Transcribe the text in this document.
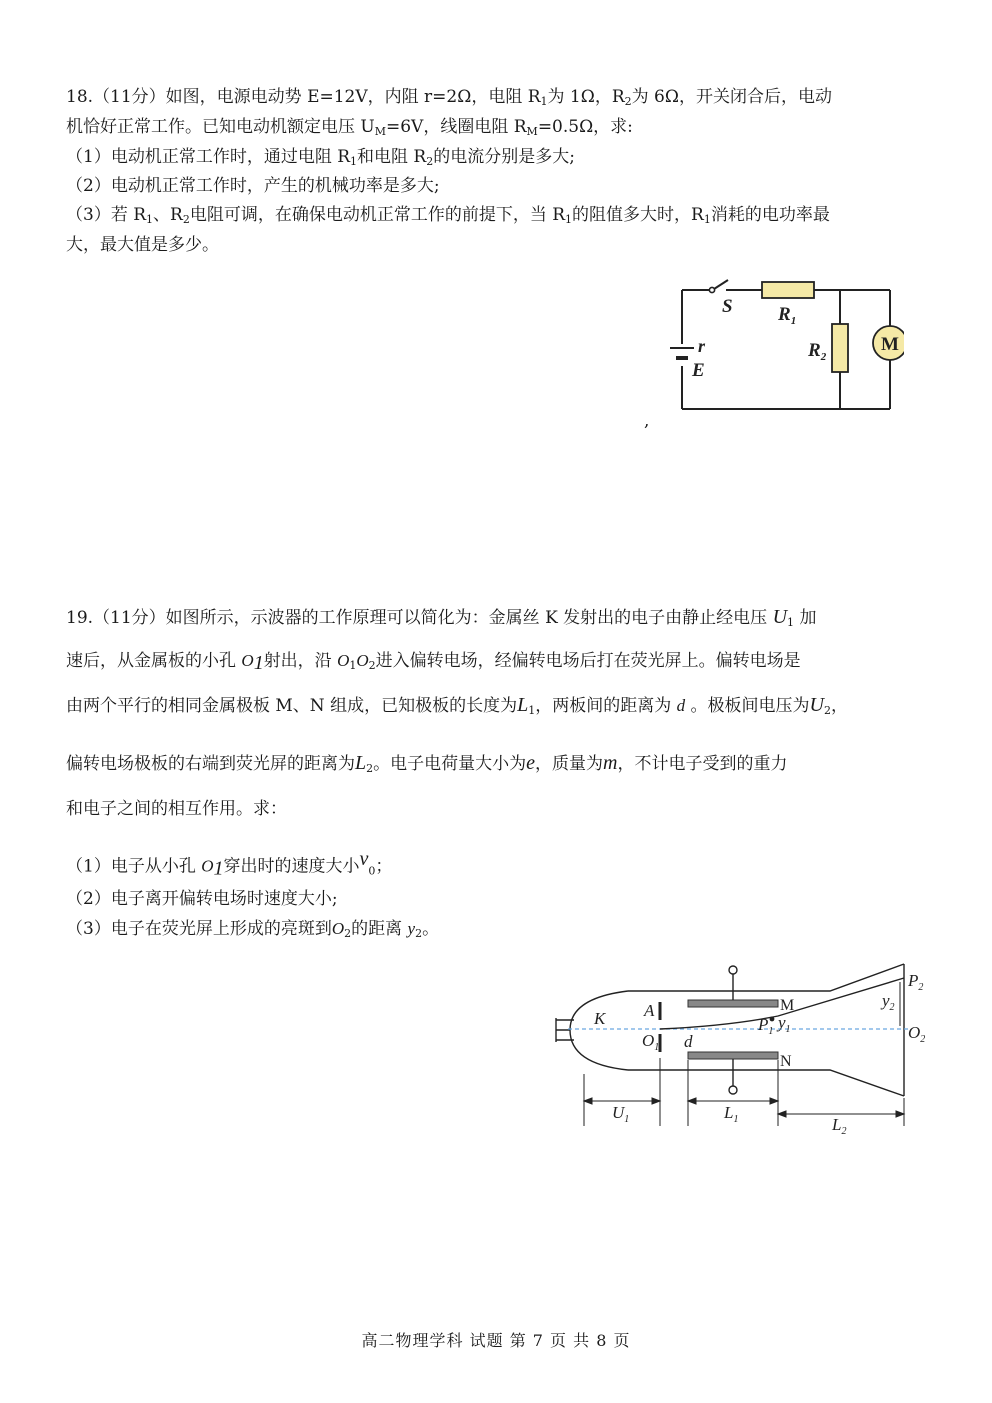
18.（11分）如图，电源电动势 E=12V，内阻 r=2Ω，电阻 $R_1$为 1Ω，$R_2$为 6Ω，开关闭合后，电动
机恰好正常工作。已知电动机额定电压 $U_M=6V$，线圈电阻 $R_M=0.5\Omega$，求:
（1）电动机正常工作时，通过电阻 $R_1$和电阻 $R_2$的电流分别是多大;
（2）电动机正常工作时，产生的机械功率是多大;
（3）若 $R_1$、$R_2$电阻可调，在确保电动机正常工作的前提下，当 $R_1$的阻值多大时，$R_1$消耗的电功率最
大，最大值是多少。
,
M
S $R_1$
$R_2$
r
E
19.（11分）如图所示，示波器的工作原理可以简化为：金属丝 K 发射出的电子由静止经电压 $U_1$ 加
速后，从金属板的小孔 $O_1$射出，沿 $O_1O_2$进入偏转电场，经偏转电场后打在荧光屏上。偏转电场是
由两个平行的相同金属极板 M、N 组成，已知极板的长度为$L_1$，两板间的距离为 d 。极板间电压为$U_2$，
偏转电场极板的右端到荧光屏的距离为$L_2$。电子电荷量大小为e，质量为m，不计电子受到的重力
和电子之间的相互作用。求：
（1）电子从小孔 $O_1$穿出时的速度大小$^v_0$；
（2）电子离开偏转电场时速度大小;
（3）电子在荧光屏上形成的亮斑到$O_2$的距离 $y_2$。
K A
$O_1$ d
$P_1$ $y_1$
$P_2$
$y_2$
$O_2$
$U_1$	$L_1$	$L_2$
M
N
高二物理学科 试题 第 7 页 共 8 页
